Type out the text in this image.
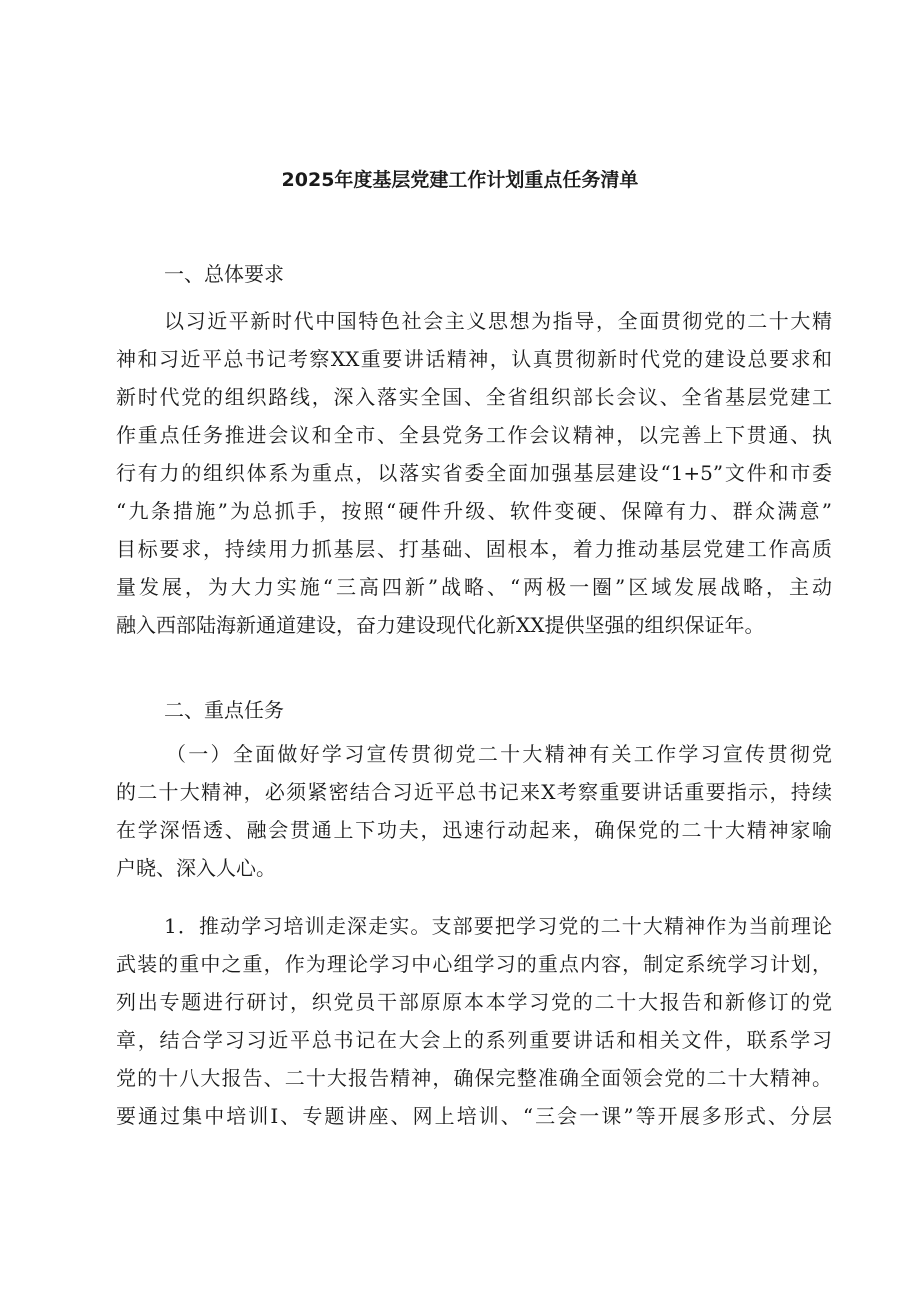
2025年度基层党建工作计划重点任务清单
一、总体要求
以习近平新时代中国特色社会主义思想为指导，全面贯彻党的二十大精
神和习近平总书记考察XX重要讲话精神，认真贯彻新时代党的建设总要求和
新时代党的组织路线，深入落实全国、全省组织部长会议、全省基层党建工
作重点任务推进会议和全市、全县党务工作会议精神，以完善上下贯通、执
行有力的组织体系为重点，以落实省委全面加强基层建设“1+5”文件和市委
“九条措施”为总抓手，按照“硬件升级、软件变硬、保障有力、群众满意”
目标要求，持续用力抓基层、打基础、固根本，着力推动基层党建工作高质
量发展，为大力实施“三高四新”战略、“两极一圈”区域发展战略，主动
融入西部陆海新通道建设，奋力建设现代化新XX提供坚强的组织保证年。
二、重点任务
（一）全面做好学习宣传贯彻党二十大精神有关工作学习宣传贯彻党
的二十大精神，必须紧密结合习近平总书记来X考察重要讲话重要指示，持续
在学深悟透、融会贯通上下功夫，迅速行动起来，确保党的二十大精神家喻
户晓、深入人心。
1．推动学习培训走深走实。支部要把学习党的二十大精神作为当前理论
武装的重中之重，作为理论学习中心组学习的重点内容，制定系统学习计划，
列出专题进行研讨，织党员干部原原本本学习党的二十大报告和新修订的党
章，结合学习习近平总书记在大会上的系列重要讲话和相关文件，联系学习
党的十八大报告、二十大报告精神，确保完整准确全面领会党的二十大精神。
要通过集中培训I、专题讲座、网上培训、“三会一课”等开展多形式、分层
